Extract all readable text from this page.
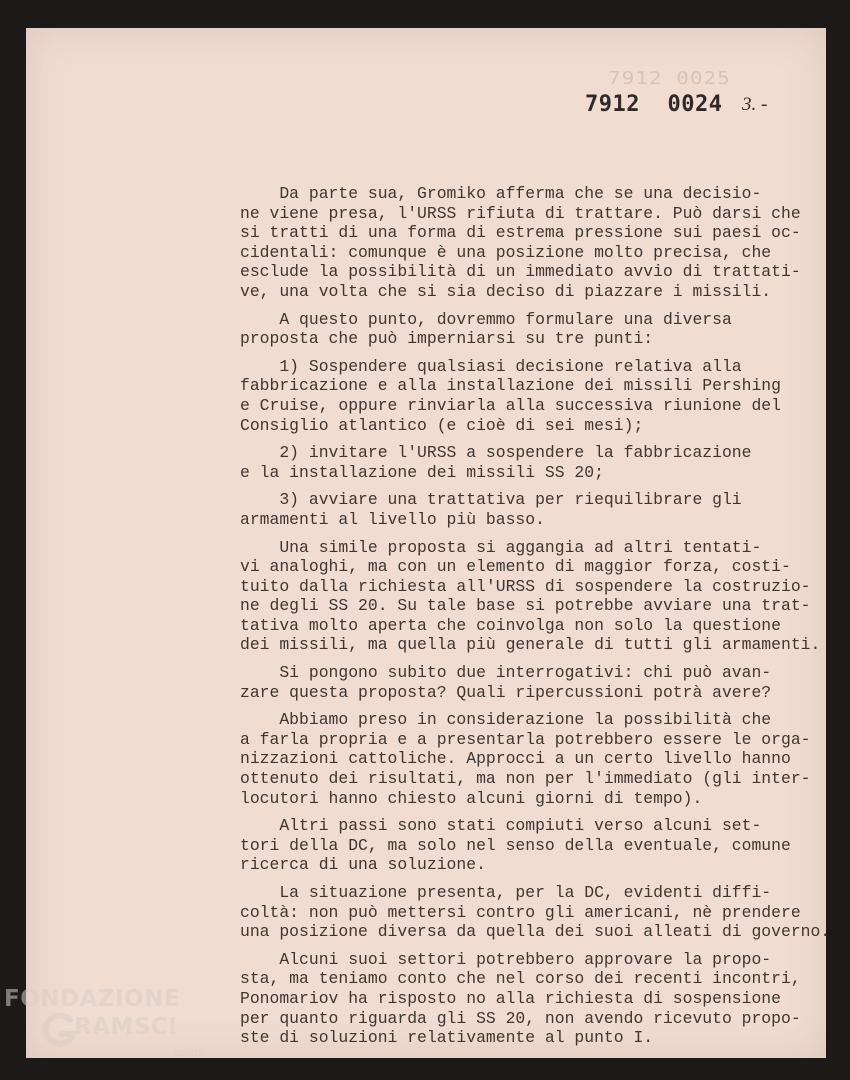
7912 0025
7912  0024 3. -
Da parte sua, Gromiko afferma che se una decisio-
ne viene presa, l'URSS rifiuta di trattare. Può darsi che
si tratti di una forma di estrema pressione sui paesi oc-
cidentali: comunque è una posizione molto precisa, che
esclude la possibilità di un immediato avvio di trattati-
ve, una volta che si sia deciso di piazzare i missili.
A questo punto, dovremmo formulare una diversa
proposta che può imperniarsi su tre punti:
1) Sospendere qualsiasi decisione relativa alla
fabbricazione e alla installazione dei missili Pershing
e Cruise, oppure rinviarla alla successiva riunione del
Consiglio atlantico (e cioè di sei mesi);
2) invitare l'URSS a sospendere la fabbricazione
e la installazione dei missili SS 20;
3) avviare una trattativa per riequilibrare gli
armamenti al livello più basso.
Una simile proposta si aggangia ad altri tentati-
vi analoghi, ma con un elemento di maggior forza, costi-
tuito dalla richiesta all'URSS di sospendere la costruzio-
ne degli SS 20. Su tale base si potrebbe avviare una trat-
tativa molto aperta che coinvolga non solo la questione
dei missili, ma quella più generale di tutti gli armamenti.
Si pongono subito due interrogativi: chi può avan-
zare questa proposta? Quali ripercussioni potrà avere?
Abbiamo preso in considerazione la possibilità che
a farla propria e a presentarla potrebbero essere le orga-
nizzazioni cattoliche. Approcci a un certo livello hanno
ottenuto dei risultati, ma non per l'immediato (gli inter-
locutori hanno chiesto alcuni giorni di tempo).
Altri passi sono stati compiuti verso alcuni set-
tori della DC, ma solo nel senso della eventuale, comune
ricerca di una soluzione.
La situazione presenta, per la DC, evidenti diffi-
coltà: non può mettersi contro gli americani, nè prendere
una posizione diversa da quella dei suoi alleati di governo.
Alcuni suoi settori potrebbero approvare la propo-
sta, ma teniamo conto che nel corso dei recenti incontri,
Ponomariov ha risposto no alla richiesta di sospensione
per quanto riguarda gli SS 20, non avendo ricevuto propo-
ste di soluzioni relativamente al punto I.
FONDAZIONE
RAMSCI
onlus
